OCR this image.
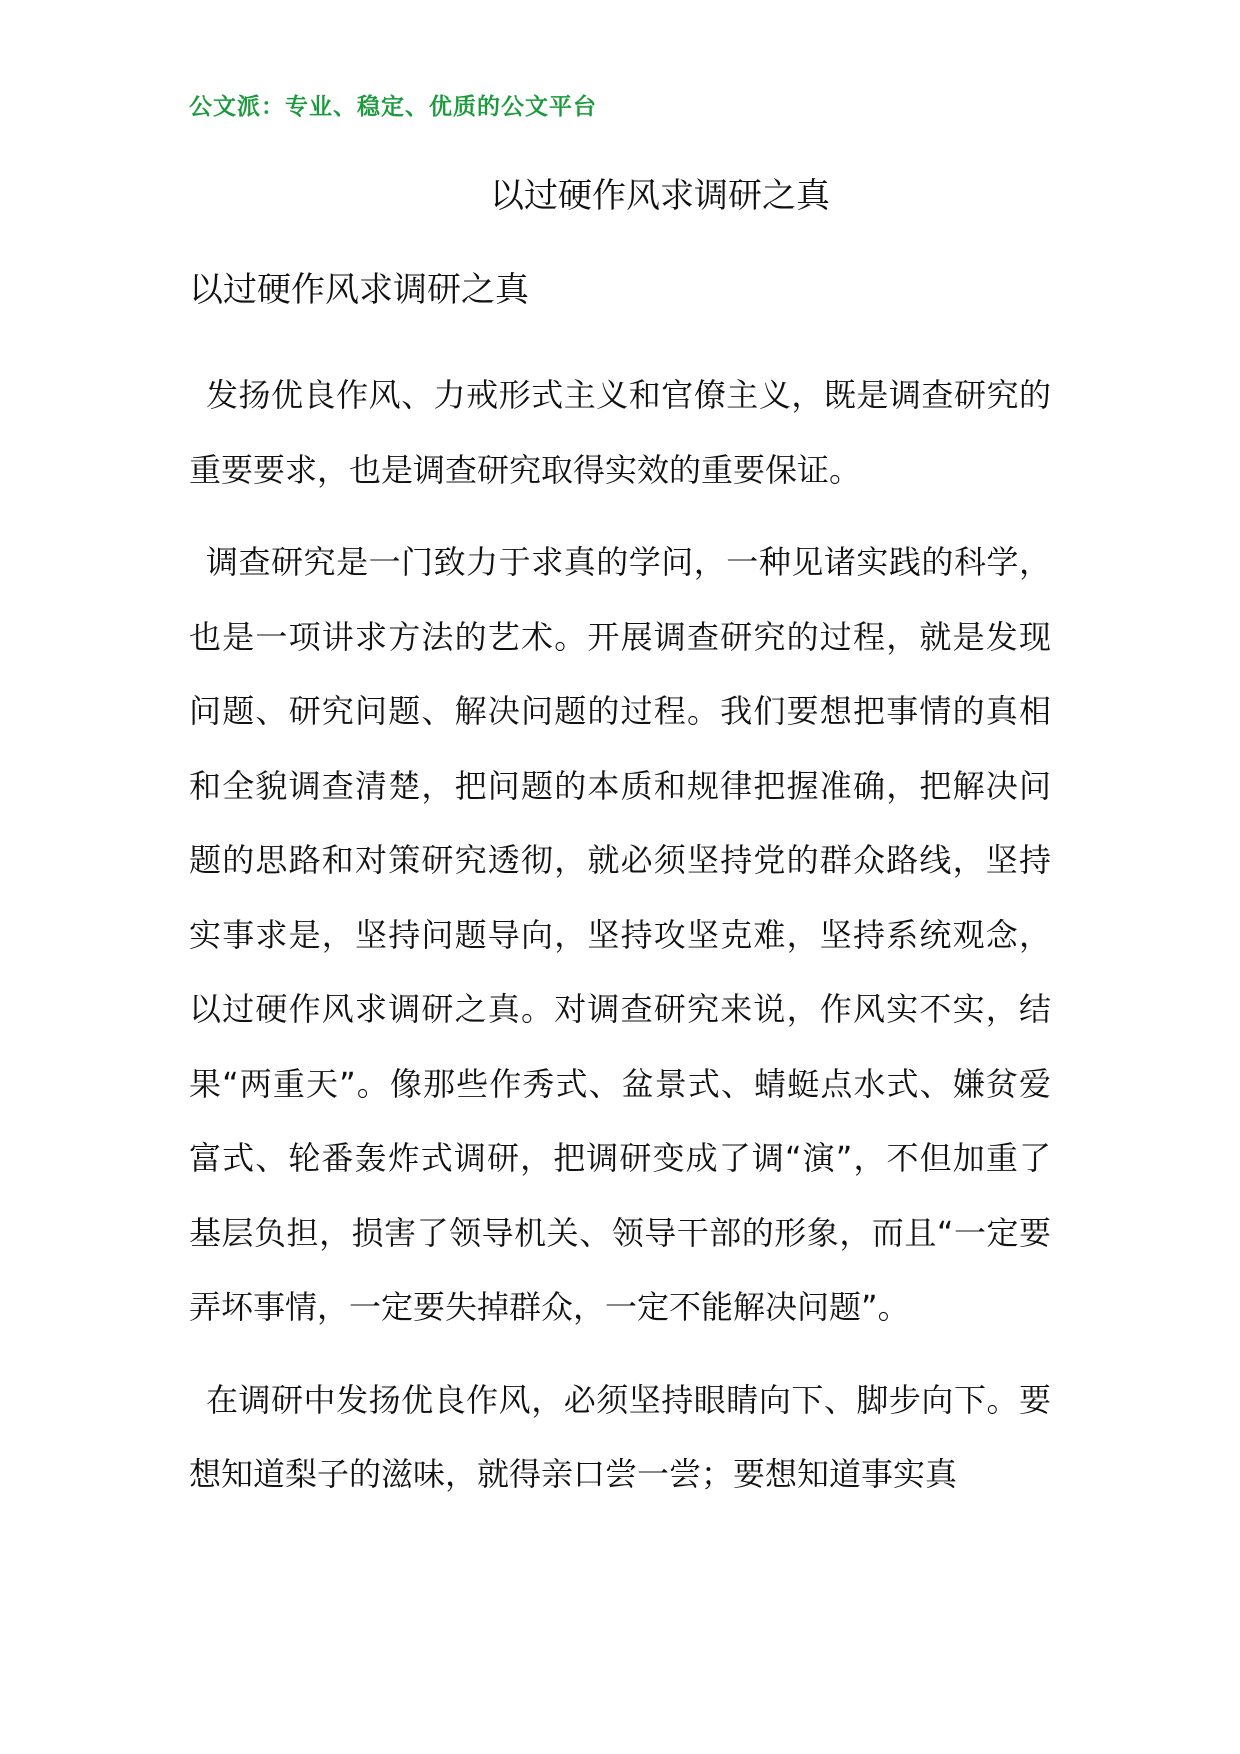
公文派：专业、稳定、优质的公文平台
以过硬作风求调研之真
以过硬作风求调研之真

发扬优良作风、力戒形式主义和官僚主义，既是调查研究的重要要求，也是调查研究取得实效的重要保证。

调查研究是一门致力于求真的学问，一种见诸实践的科学，也是一项讲求方法的艺术。开展调查研究的过程，就是发现问题、研究问题、解决问题的过程。我们要想把事情的真相和全貌调查清楚，把问题的本质和规律把握准确，把解决问题的思路和对策研究透彻，就必须坚持党的群众路线，坚持实事求是，坚持问题导向，坚持攻坚克难，坚持系统观念，以过硬作风求调研之真。对调查研究来说，作风实不实，结果“两重天”。像那些作秀式、盆景式、蜻蜓点水式、嫌贫爱富式、轮番轰炸式调研，把调研变成了调“演”，不但加重了基层负担，损害了领导机关、领导干部的形象，而且“一定要弄坏事情，一定要失掉群众，一定不能解决问题”。

在调研中发扬优良作风，必须坚持眼睛向下、脚步向下。要想知道梨子的滋味，就得亲口尝一尝；要想知道事实真
